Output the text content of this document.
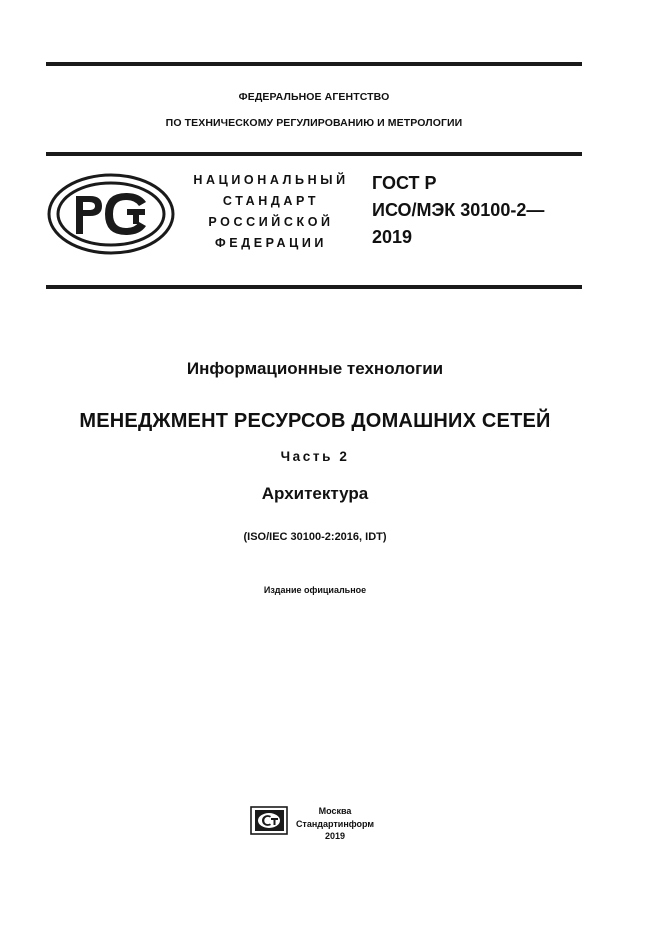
ФЕДЕРАЛЬНОЕ АГЕНТСТВО
ПО ТЕХНИЧЕСКОМУ РЕГУЛИРОВАНИЮ И МЕТРОЛОГИИ
НАЦИОНАЛЬНЫЙ
СТАНДАРТ
РОССИЙСКОЙ
ФЕДЕРАЦИИ
ГОСТ Р
ИСО/МЭК 30100-2—
2019
Информационные технологии
МЕНЕДЖМЕНТ РЕСУРСОВ ДОМАШНИХ СЕТЕЙ
Часть 2
Архитектура
(ISO/IEC 30100-2:2016, IDT)
Издание официальное
Москва
Стандартинформ
2019
